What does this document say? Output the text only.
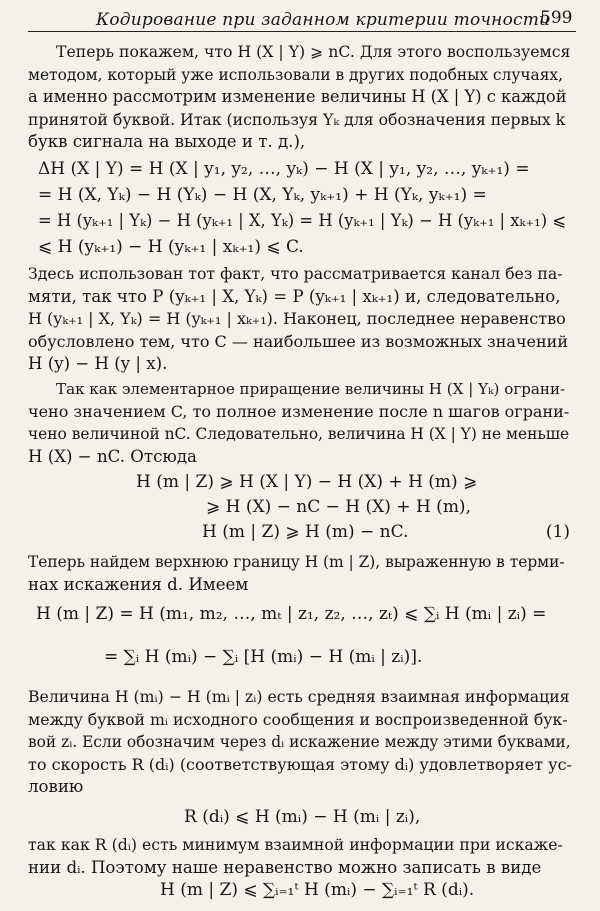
Кодирование при заданном критерии точности
599
Теперь покажем, что H (X | Y) ⩾ nC. Для этого воспользуемся
методом, который уже использовали в других подобных случаях,
а именно рассмотрим изменение величины H (X | Y) с каждой
принятой буквой. Итак (используя Yₖ для обозначения первых k
букв сигнала на выходе и т. д.),
ΔH (X | Y) = H (X | y₁, y₂, …, yₖ) − H (X | y₁, y₂, …, yₖ₊₁) =
= H (X, Yₖ) − H (Yₖ) − H (X, Yₖ, yₖ₊₁) + H (Yₖ, yₖ₊₁) =
= H (yₖ₊₁ | Yₖ) − H (yₖ₊₁ | X, Yₖ) = H (yₖ₊₁ | Yₖ) − H (yₖ₊₁ | xₖ₊₁) ⩽
⩽ H (yₖ₊₁) − H (yₖ₊₁ | xₖ₊₁) ⩽ C.
Здесь использован тот факт, что рассматривается канал без па-
мяти, так что P (yₖ₊₁ | X, Yₖ) = P (yₖ₊₁ | xₖ₊₁) и, следовательно,
H (yₖ₊₁ | X, Yₖ) = H (yₖ₊₁ | xₖ₊₁). Наконец, последнее неравенство
обусловлено тем, что C — наибольшее из возможных значений
H (y) − H (y | x).
Так как элементарное приращение величины H (X | Yₖ) ограни-
чено значением C, то полное изменение после n шагов ограни-
чено величиной nC. Следовательно, величина H (X | Y) не меньше
H (X) − nC. Отсюда
H (m | Z) ⩾ H (X | Y) − H (X) + H (m) ⩾
⩾ H (X) − nC − H (X) + H (m),
H (m | Z) ⩾ H (m) − nC.	(1)
Теперь найдем верхнюю границу H (m | Z), выраженную в терми-
нах искажения d. Имеем
H (m | Z) = H (m₁, m₂, …, mₜ | z₁, z₂, …, zₜ) ⩽ ∑ᵢ H (mᵢ | zᵢ) =
= ∑ᵢ H (mᵢ) − ∑ᵢ [H (mᵢ) − H (mᵢ | zᵢ)].
Величина H (mᵢ) − H (mᵢ | zᵢ) есть средняя взаимная информация
между буквой mᵢ исходного сообщения и воспроизведенной бук-
вой zᵢ. Если обозначим через dᵢ искажение между этими буквами,
то скорость R (dᵢ) (соответствующая этому dᵢ) удовлетворяет ус-
ловию
R (dᵢ) ⩽ H (mᵢ) − H (mᵢ | zᵢ),
так как R (dᵢ) есть минимум взаимной информации при искаже-
нии dᵢ. Поэтому наше неравенство можно записать в виде
H (m | Z) ⩽ ∑ᵢ₌₁ᵗ H (mᵢ) − ∑ᵢ₌₁ᵗ R (dᵢ).
